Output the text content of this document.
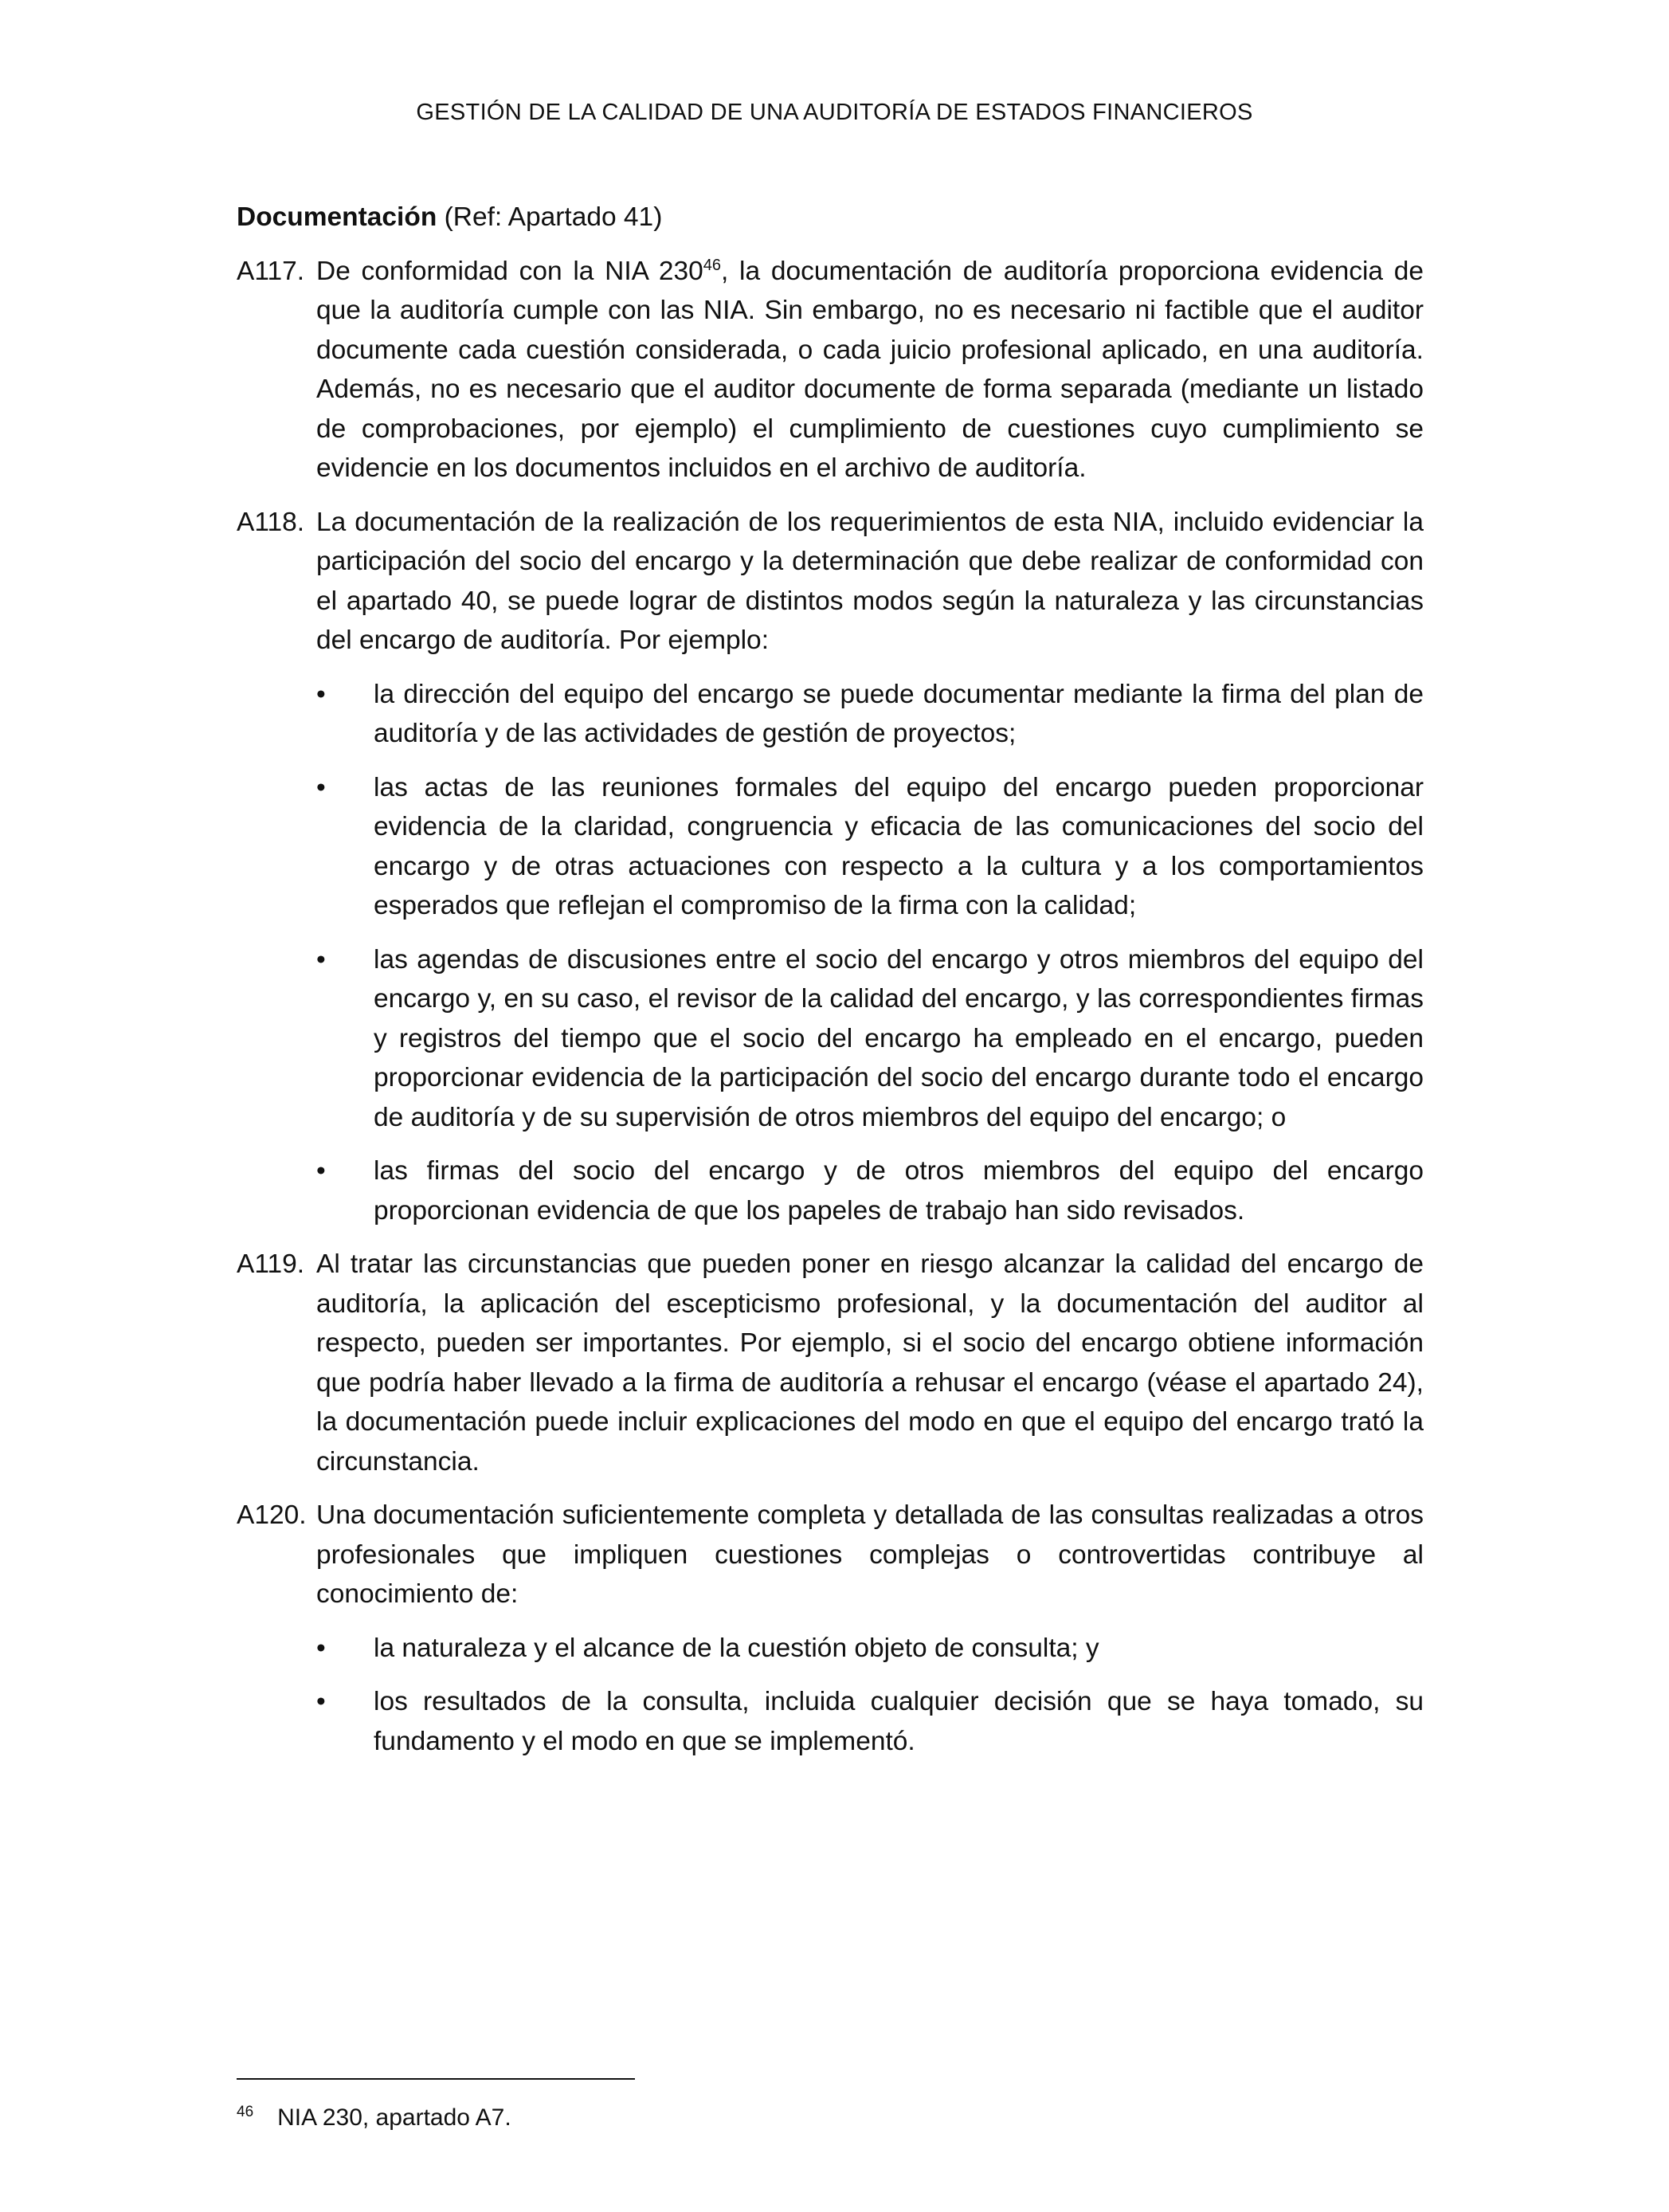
GESTIÓN DE LA CALIDAD DE UNA AUDITORÍA DE ESTADOS FINANCIEROS

Documentación (Ref: Apartado 41)

A117. De conformidad con la NIA $230^{46}$, la documentación de auditoría proporciona evidencia de que la auditoría cumple con las NIA. Sin embargo, no es necesario ni factible que el auditor documente cada cuestión considerada, o cada juicio profesional aplicado, en una auditoría. Además, no es necesario que el auditor documente de forma separada (mediante un listado de comprobaciones, por ejemplo) el cumplimiento de cuestiones cuyo cumplimiento se evidencie en los documentos incluidos en el archivo de auditoría.
A118. La documentación de la realización de los requerimientos de esta NIA, incluido evidenciar la participación del socio del encargo y la determinación que debe realizar de conformidad con el apartado 40, se puede lograr de distintos modos según la naturaleza y las circunstancias del encargo de auditoría. Por ejemplo:
• la dirección del equipo del encargo se puede documentar mediante la firma del plan de auditoría y de las actividades de gestión de proyectos;
• las actas de las reuniones formales del equipo del encargo pueden proporcionar evidencia de la claridad, congruencia y eficacia de las comunicaciones del socio del encargo y de otras actuaciones con respecto a la cultura y a los comportamientos esperados que reflejan el compromiso de la firma con la calidad;
• las agendas de discusiones entre el socio del encargo y otros miembros del equipo del encargo y, en su caso, el revisor de la calidad del encargo, y las correspondientes firmas y registros del tiempo que el socio del encargo ha empleado en el encargo, pueden proporcionar evidencia de la participación del socio del encargo durante todo el encargo de auditoría y de su supervisión de otros miembros del equipo del encargo; o
• las firmas del socio del encargo y de otros miembros del equipo del encargo proporcionan evidencia de que los papeles de trabajo han sido revisados.
A119. Al tratar las circunstancias que pueden poner en riesgo alcanzar la calidad del encargo de auditoría, la aplicación del escepticismo profesional, y la documentación del auditor al respecto, pueden ser importantes. Por ejemplo, si el socio del encargo obtiene información que podría haber llevado a la firma de auditoría a rehusar el encargo (véase el apartado 24), la documentación puede incluir explicaciones del modo en que el equipo del encargo trató la circunstancia.
A120. Una documentación suficientemente completa y detallada de las consultas realizadas a otros profesionales que impliquen cuestiones complejas o controvertidas contribuye al conocimiento de:
• la naturaleza y el alcance de la cuestión objeto de consulta; y
• los resultados de la consulta, incluida cualquier decisión que se haya tomado, su fundamento y el modo en que se implementó.
$^{46}$ NIA 230, apartado A7.
